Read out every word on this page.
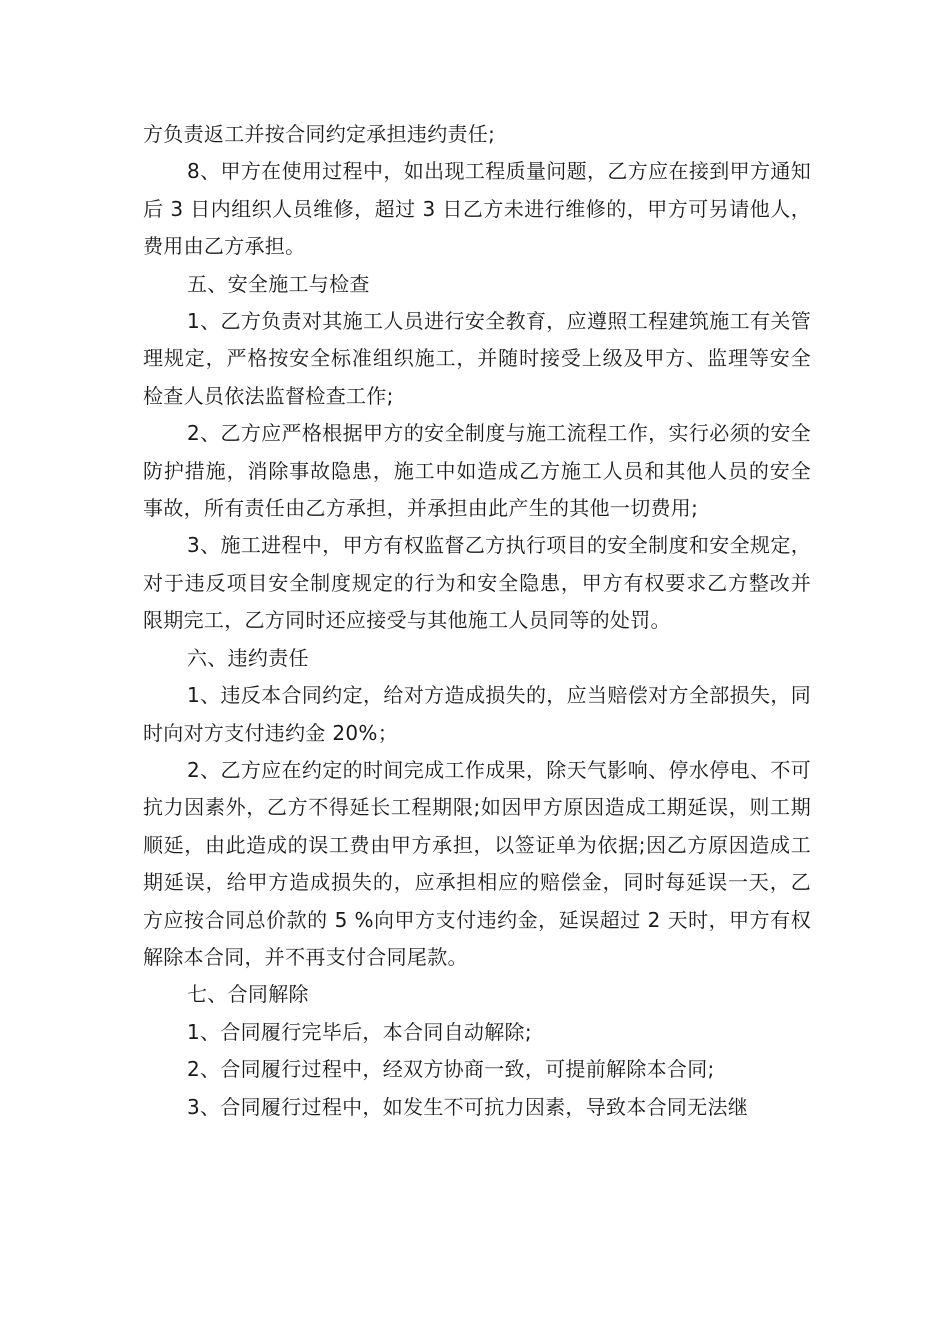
方负责返工并按合同约定承担违约责任;

8、甲方在使用过程中，如出现工程质量问题，乙方应在接到甲方通知后 3 日内组织人员维修，超过 3 日乙方未进行维修的，甲方可另请他人，费用由乙方承担。

五、安全施工与检查

1、乙方负责对其施工人员进行安全教育，应遵照工程建筑施工有关管理规定，严格按安全标准组织施工，并随时接受上级及甲方、监理等安全检查人员依法监督检查工作;

2、乙方应严格根据甲方的安全制度与施工流程工作，实行必须的安全防护措施，消除事故隐患，施工中如造成乙方施工人员和其他人员的安全事故，所有责任由乙方承担，并承担由此产生的其他一切费用;

3、施工进程中，甲方有权监督乙方执行项目的安全制度和安全规定，对于违反项目安全制度规定的行为和安全隐患，甲方有权要求乙方整改并限期完工，乙方同时还应接受与其他施工人员同等的处罚。

六、违约责任

1、违反本合同约定，给对方造成损失的，应当赔偿对方全部损失，同时向对方支付违约金 20%；

2、乙方应在约定的时间完成工作成果，除天气影响、停水停电、不可抗力因素外，乙方不得延长工程期限;如因甲方原因造成工期延误，则工期顺延，由此造成的误工费由甲方承担，以签证单为依据;因乙方原因造成工期延误，给甲方造成损失的，应承担相应的赔偿金，同时每延误一天，乙方应按合同总价款的 5 %向甲方支付违约金，延误超过 2 天时，甲方有权解除本合同，并不再支付合同尾款。

七、合同解除

1、合同履行完毕后，本合同自动解除;

2、合同履行过程中，经双方协商一致，可提前解除本合同;

3、合同履行过程中，如发生不可抗力因素，导致本合同无法继
